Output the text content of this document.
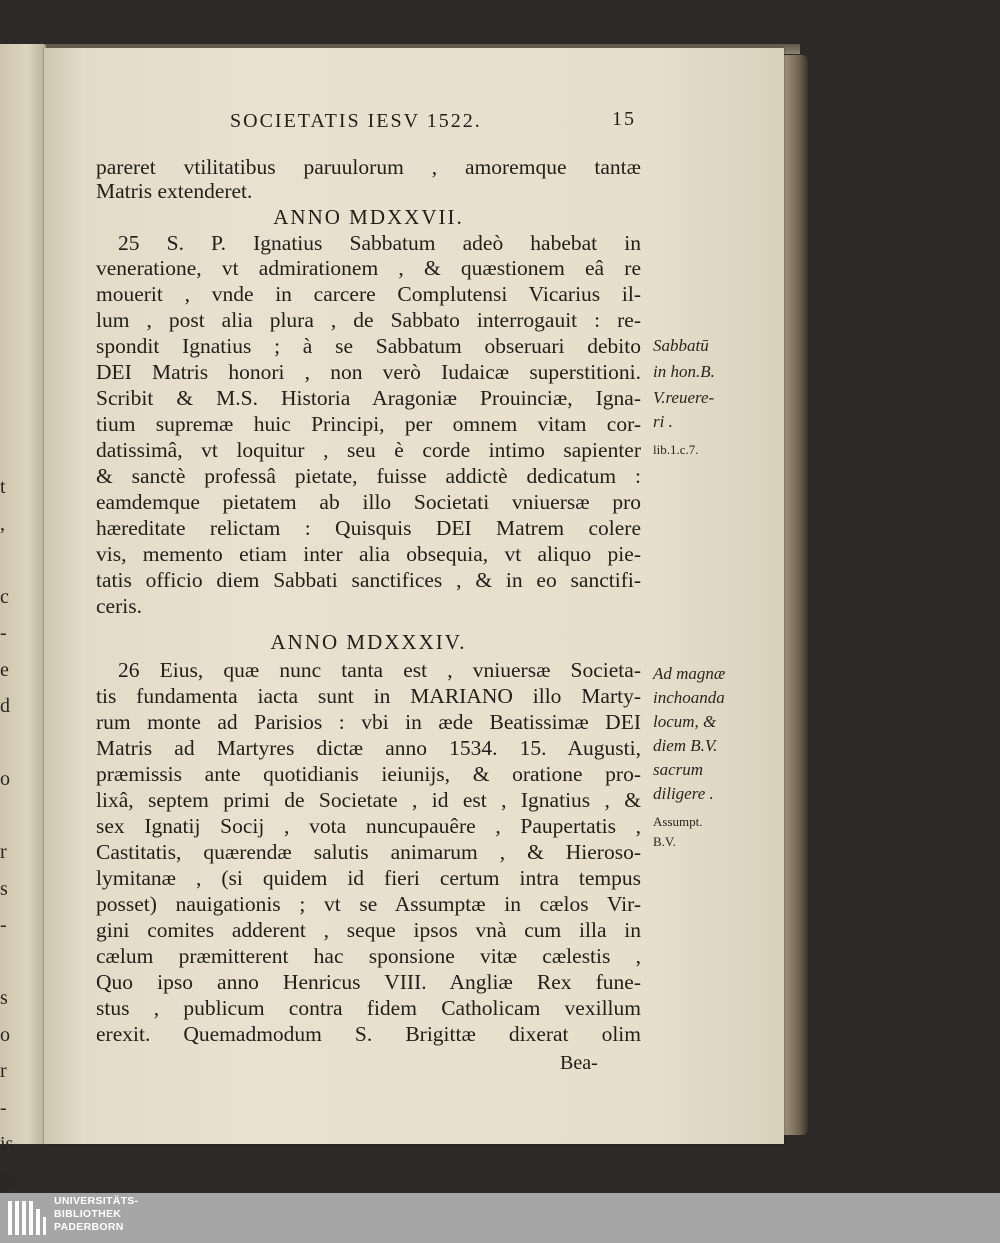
t
,
c
-
e
d
o
r
s
-
s
o
r
-
is
is
SOCIETATIS IESV 1522.	15
pareret vtilitatibus paruulorum , amoremque tantæ
Matris extenderet.
ANNO MDXXVII.
25 S. P. Ignatius Sabbatum adeò habebat in
veneratione, vt admirationem , & quæstionem eâ re
mouerit , vnde in carcere Complutensi Vicarius il-
lum , post alia plura , de Sabbato interrogauit : re-
spondit Ignatius ; à se Sabbatum obseruari debito
DEI Matris honori , non verò Iudaicæ superstitioni.
Scribit & M.S. Historia Aragoniæ Prouinciæ, Igna-
tium supremæ huic Principi, per omnem vitam cor-
datissimâ, vt loquitur , seu è corde intimo sapienter
& sanctè professâ pietate, fuisse addictè dedicatum :
eamdemque pietatem ab illo Societati vniuersæ pro
hæreditate relictam : Quisquis DEI Matrem colere
vis, memento etiam inter alia obsequia, vt aliquo pie-
tatis officio diem Sabbati sanctifices , & in eo sanctifi-
ceris.
ANNO MDXXXIV.
26 Eius, quæ nunc tanta est , vniuersæ Societa-
tis fundamenta iacta sunt in MARIANO illo Marty-
rum monte ad Parisios : vbi in æde Beatissimæ DEI
Matris ad Martyres dictæ anno 1534. 15. Augusti,
præmissis ante quotidianis ieiunijs, & oratione pro-
lixâ, septem primi de Societate , id est , Ignatius , &
sex Ignatij Socij , vota nuncupauêre , Paupertatis ,
Castitatis, quærendæ salutis animarum , & Hieroso-
lymitanæ , (si quidem id fieri certum intra tempus
posset) nauigationis ; vt se Assumptæ in cælos Vir-
gini comites adderent , seque ipsos vnà cum illa in
cælum præmitterent hac sponsione vitæ cælestis ,
Quo ipso anno Henricus VIII. Angliæ Rex fune-
stus , publicum contra fidem Catholicam vexillum
erexit. Quemadmodum S. Brigittæ dixerat olim
Bea-
Sabbatū
in hon.B.
V.reuere-
ri .
lib.1.c.7.
Ad magnæ
inchoanda
locum, &
diem B.V.
sacrum
diligere .
Assumpt.
B.V.
UNIVERSITÄTS-
BIBLIOTHEK
PADERBORN
